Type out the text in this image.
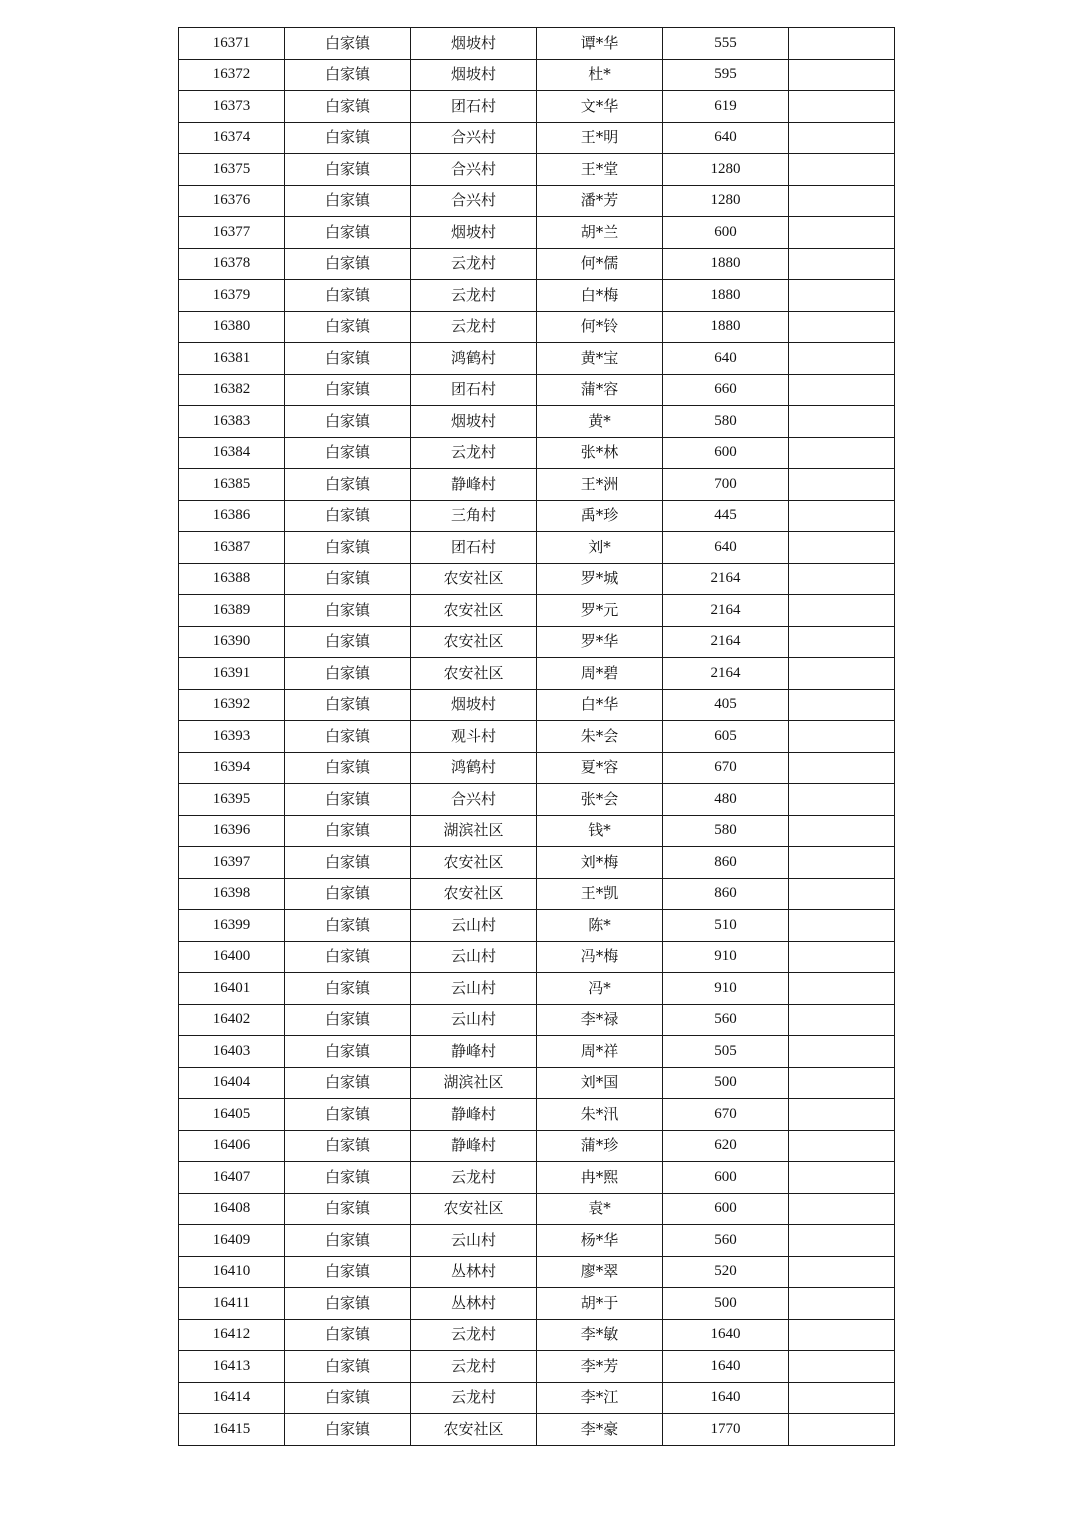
16371	白家镇	烟坡村	谭*华	555	
16372	白家镇	烟坡村	杜*	595	
16373	白家镇	团石村	文*华	619	
16374	白家镇	合兴村	王*明	640	
16375	白家镇	合兴村	王*堂	1280	
16376	白家镇	合兴村	潘*芳	1280	
16377	白家镇	烟坡村	胡*兰	600	
16378	白家镇	云龙村	何*儒	1880	
16379	白家镇	云龙村	白*梅	1880	
16380	白家镇	云龙村	何*铃	1880	
16381	白家镇	鸿鹤村	黄*宝	640	
16382	白家镇	团石村	蒲*容	660	
16383	白家镇	烟坡村	黄*	580	
16384	白家镇	云龙村	张*林	600	
16385	白家镇	静峰村	王*洲	700	
16386	白家镇	三角村	禹*珍	445	
16387	白家镇	团石村	刘*	640	
16388	白家镇	农安社区	罗*城	2164	
16389	白家镇	农安社区	罗*元	2164	
16390	白家镇	农安社区	罗*华	2164	
16391	白家镇	农安社区	周*碧	2164	
16392	白家镇	烟坡村	白*华	405	
16393	白家镇	观斗村	朱*会	605	
16394	白家镇	鸿鹤村	夏*容	670	
16395	白家镇	合兴村	张*会	480	
16396	白家镇	湖滨社区	钱*	580	
16397	白家镇	农安社区	刘*梅	860	
16398	白家镇	农安社区	王*凯	860	
16399	白家镇	云山村	陈*	510	
16400	白家镇	云山村	冯*梅	910	
16401	白家镇	云山村	冯*	910	
16402	白家镇	云山村	李*禄	560	
16403	白家镇	静峰村	周*祥	505	
16404	白家镇	湖滨社区	刘*国	500	
16405	白家镇	静峰村	朱*汛	670	
16406	白家镇	静峰村	蒲*珍	620	
16407	白家镇	云龙村	冉*熙	600	
16408	白家镇	农安社区	袁*	600	
16409	白家镇	云山村	杨*华	560	
16410	白家镇	丛林村	廖*翠	520	
16411	白家镇	丛林村	胡*于	500	
16412	白家镇	云龙村	李*敏	1640	
16413	白家镇	云龙村	李*芳	1640	
16414	白家镇	云龙村	李*江	1640	
16415	白家镇	农安社区	李*豪	1770	
